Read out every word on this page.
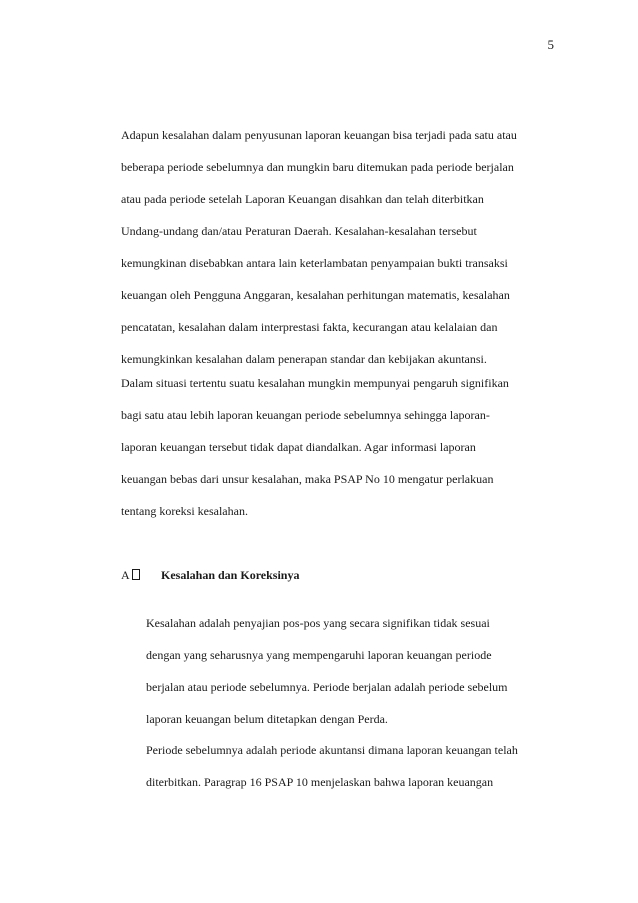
5

Adapun kesalahan dalam penyusunan laporan keuangan bisa terjadi pada satu atau
beberapa periode sebelumnya dan mungkin baru ditemukan pada periode berjalan
atau pada periode setelah Laporan Keuangan disahkan dan telah diterbitkan
Undang-undang dan/atau Peraturan Daerah. Kesalahan-kesalahan tersebut
kemungkinan disebabkan antara lain keterlambatan penyampaian bukti transaksi
keuangan oleh Pengguna Anggaran, kesalahan perhitungan matematis, kesalahan
pencatatan, kesalahan dalam interprestasi fakta, kecurangan atau kelalaian dan
kemungkinkan kesalahan dalam penerapan standar dan kebijakan akuntansi.

Dalam situasi tertentu suatu kesalahan mungkin mempunyai pengaruh signifikan
bagi satu atau lebih laporan keuangan periode sebelumnya sehingga laporan-
laporan keuangan tersebut tidak dapat diandalkan. Agar informasi laporan
keuangan bebas dari unsur kesalahan, maka PSAP No 10 mengatur perlakuan
tentang koreksi kesalahan.

A	Kesalahan dan Koreksinya

Kesalahan adalah penyajian pos-pos yang secara signifikan tidak sesuai
dengan yang seharusnya yang mempengaruhi laporan keuangan periode
berjalan atau periode sebelumnya. Periode berjalan adalah periode sebelum
laporan keuangan belum ditetapkan dengan Perda.

Periode sebelumnya adalah periode akuntansi dimana laporan keuangan telah
diterbitkan. Paragrap 16 PSAP 10 menjelaskan bahwa laporan keuangan
